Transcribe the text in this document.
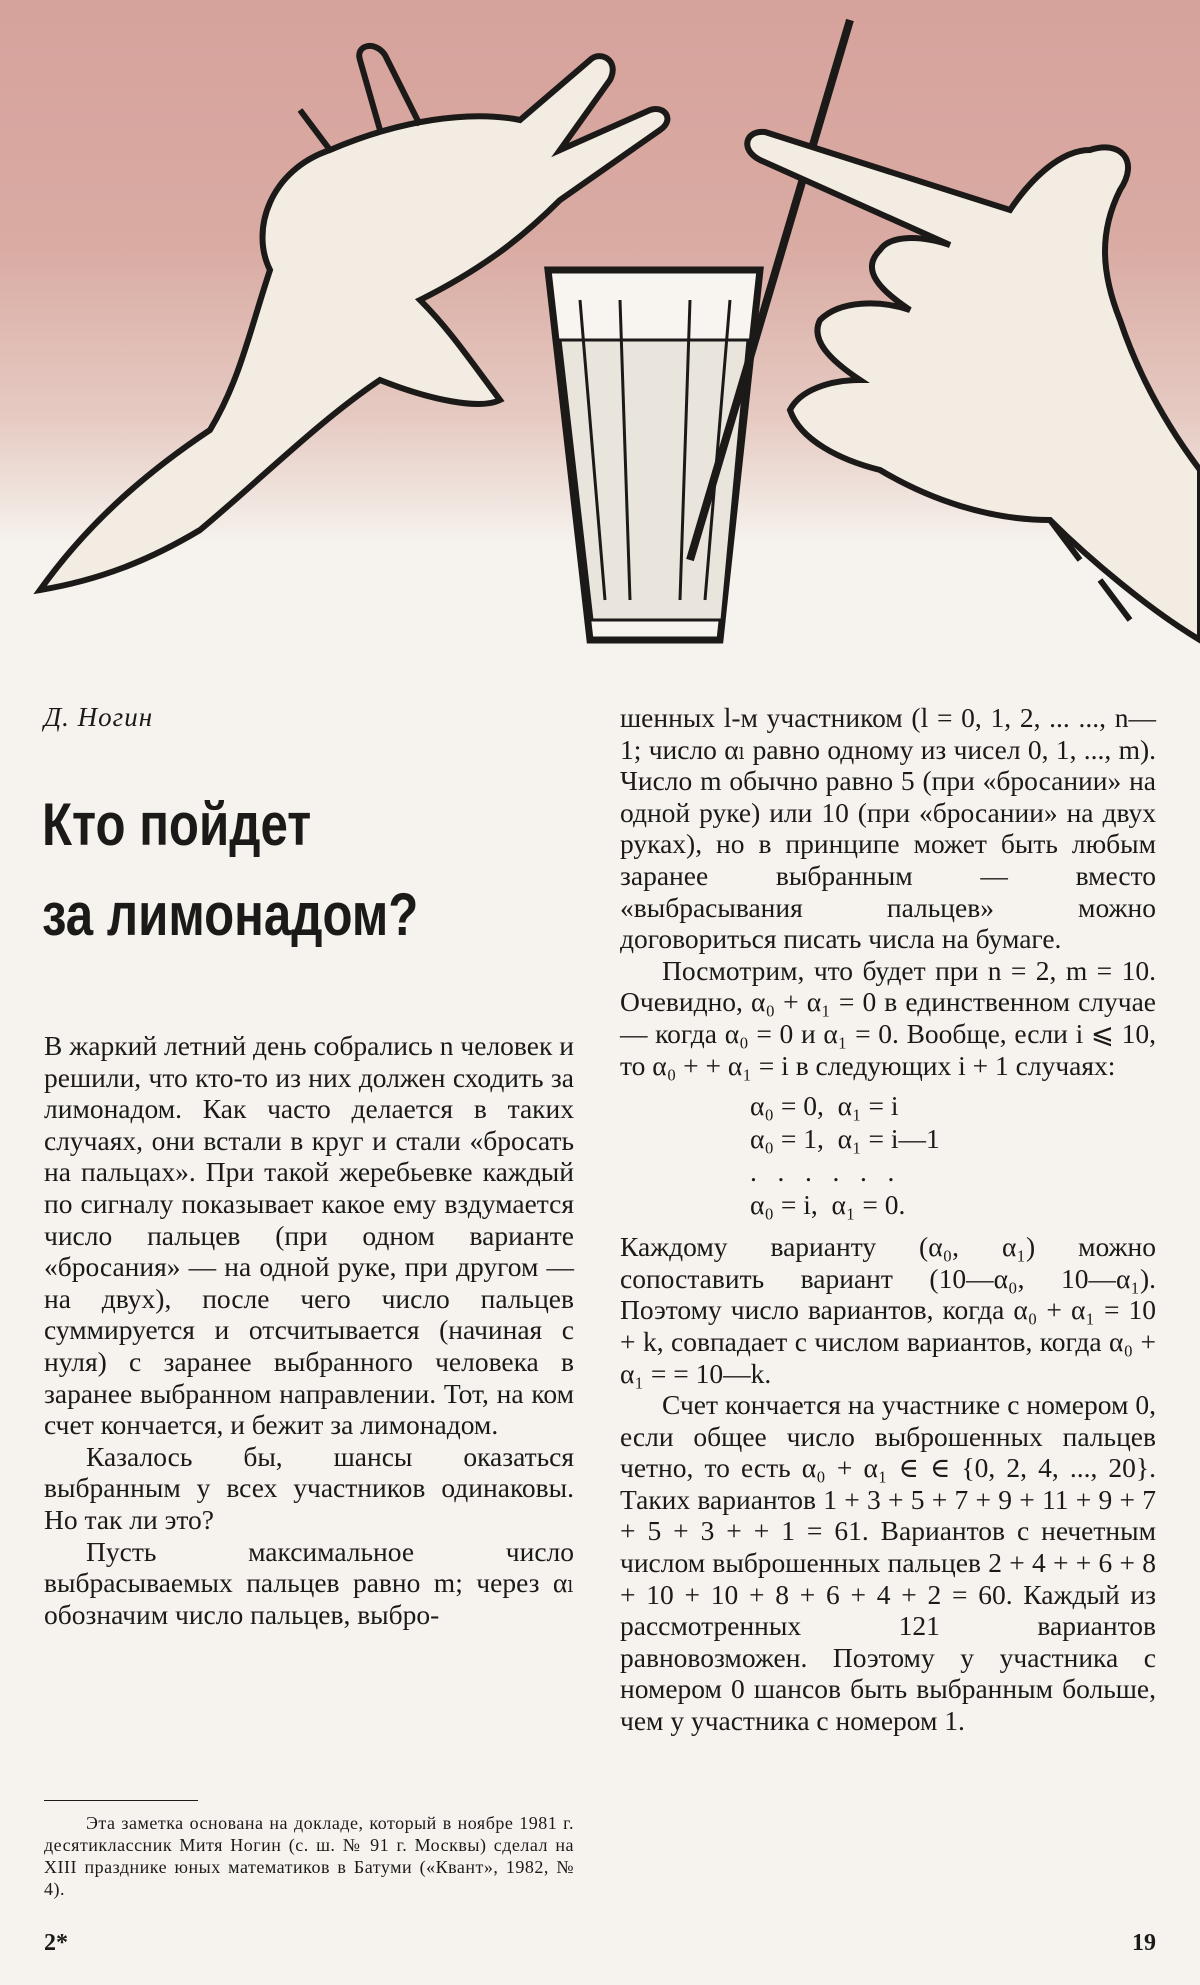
Д. Ногин
Кто пойдет
за лимонадом?

В жаркий летний день собрались n человек и решили, что кто-то из них должен сходить за лимонадом. Как часто делается в таких случаях, они встали в круг и стали «бросать на пальцах». При такой жеребьевке каждый по сигналу показывает какое ему вздумается число пальцев (при одном варианте «бросания» — на одной руке, при другом — на двух), после чего число пальцев суммируется и отсчитывается (начиная с нуля) с заранее выбранного человека в заранее выбранном направлении. Тот, на ком счет кончается, и бежит за лимонадом.

Казалось бы, шансы оказаться выбранным у всех участников одинаковы. Но так ли это?

Пусть максимальное число выбрасываемых пальцев равно m; через αₗ обозначим число пальцев, выбро-

шенных l-м участником (l = 0, 1, 2, ... ..., n—1; число αₗ равно одному из чисел 0, 1, ..., m). Число m обычно равно 5 (при «бросании» на одной руке) или 10 (при «бросании» на двух руках), но в принципе может быть любым заранее выбранным — вместо «выбрасывания пальцев» можно договориться писать числа на бумаге.

Посмотрим, что будет при n = 2, m = 10. Очевидно, α₀ + α₁ = 0 в единственном случае — когда α₀ = 0 и α₁ = 0. Вообще, если i ⩽ 10, то α₀ + + α₁ = i в следующих i + 1 случаях:

α₀ = 0,  α₁ = i
α₀ = 1,  α₁ = i—1
.   .   .   .   .   .
α₀ = i,  α₁ = 0.

Каждому варианту (α₀, α₁) можно сопоставить вариант (10—α₀, 10—α₁). Поэтому число вариантов, когда α₀ + α₁ = 10 + k, совпадает с числом вариантов, когда α₀ + α₁ = = 10—k.

Счет кончается на участнике с номером 0, если общее число выброшенных пальцев четно, то есть α₀ + α₁ ∈ ∈ {0, 2, 4, ..., 20}. Таких вариантов 1 + 3 + 5 + 7 + 9 + 11 + 9 + 7 + 5 + 3 + + 1 = 61. Вариантов с нечетным числом выброшенных пальцев 2 + 4 + + 6 + 8 + 10 + 10 + 8 + 6 + 4 + 2 = 60. Каждый из рассмотренных 121 вариантов равновозможен. Поэтому у участника с номером 0 шансов быть выбранным больше, чем у участника с номером 1.

Эта заметка основана на докладе, который в ноябре 1981 г. десятиклассник Митя Ногин (с. ш. № 91 г. Москвы) сделал на XIII празднике юных математиков в Батуми («Квант», 1982, № 4).

2*	19
